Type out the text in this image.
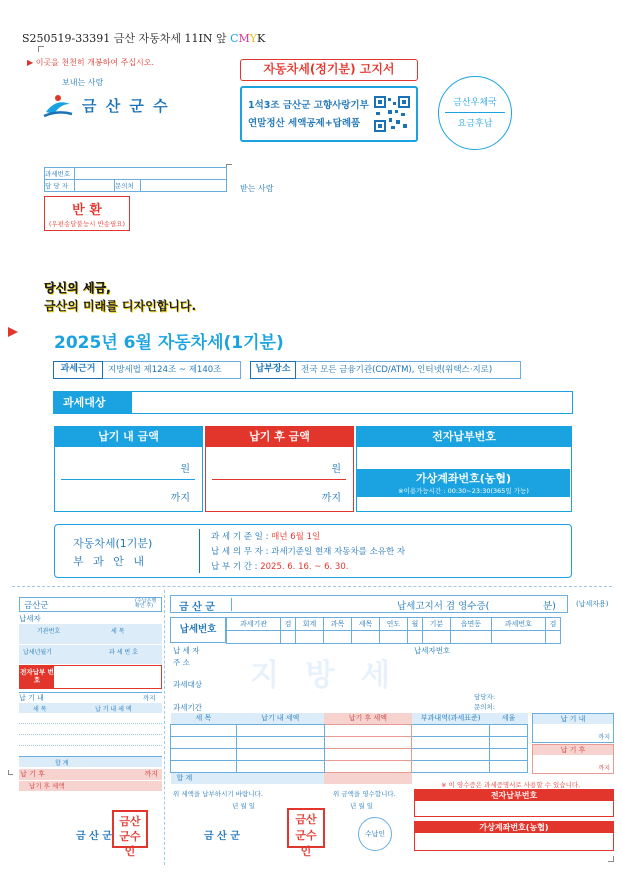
S250519-33391 금산 자동차세 11IN 앞 CMYK
▶ 이곳을 천천히 개봉하여 주십시오.
보내는 사람
금 산 군 수
자동차세(정기분) 고지서
1석3조 금산군 고향사랑기부
연말정산 세액공제+답례품
금산우체국
요금후납
과세번호			
담 당 자		문의처		받는 사람
반 환
(우편송달불능시 반송필요)
당신의 세금,
금산의 미래를 디자인합니다.
2025년 6월 자동차세(1기분)
과세근거	지방세법 제124조 ~ 제140조	납부장소	전국 모든 금융기관(CD/ATM), 인터넷(위택스·지로)
과세대상
납기 내 금액
원
까지
납기 후 금액
원
까지
전자납부번호
가상계좌번호(농협)
※이용가능시간 : 00:30~23:30(365일 가능)
자동차세(1기분)
부 과 안 내
과 세 기 준 일 : 매년 6월 1일
납 세 의 무 자 : 과세기준일 현재 자동차를 소유한 자
납 부 기 간 : 2025. 6. 16. ~ 6. 30.
금산군	(수납은행 확인 후)
납세자
기관번호	세 목
납세년월기	과 세 번 호
전자납부 번 호
납 기 내	까지
세 목	납 기 내 세 액
합 계
납 기 후	까지
납기 후 세액
금 산 군
금산 군수인
금 산 군	납세고지서 겸 영수증(	분)	(납세자용)
납세번호	과세기관	검	회계	과목	세목	연도	월	기분	읍면동	과세번호	검

납 세 자
주 소
납세자번호
지 방 세
과세대상
담당자:
문의처:
과세기간
세 목	납기 내 세액	납기 후 세액	부과내역(과세표준)	세율

합 계				
납 기 내
까지
납 기 후
까지
※ 이 영수증은 과세증명서로 사용할 수 있습니다.
위 세액을 납부하시기 바랍니다.
년 월 일
위 금액을 영수합니다.
년 월 일
전자납부번호
가상계좌번호(농협)
금 산 군
금산 군수인
수납인
